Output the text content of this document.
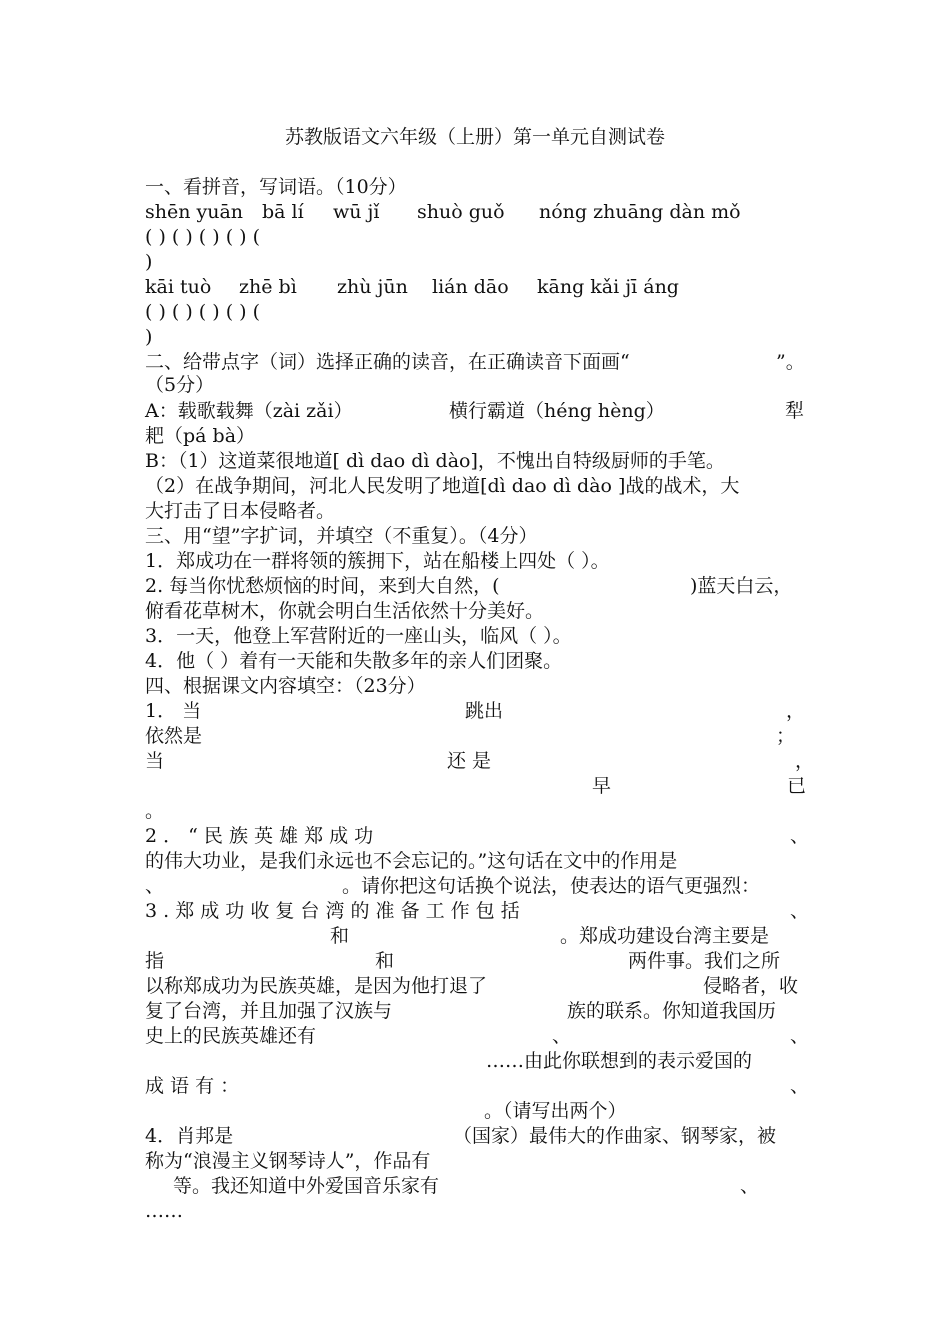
苏教版语文六年级（上册）第一单元自测试卷
一、看拼音，写词语。（10分）
shēn yuān bā lí wū jǐ shuò guǒ nóng zhuāng dàn mǒ
( ) ( ) ( ) ( ) (
)
kāi tuò zhē bì zhù jūn lián dāo kāng kǎi jī áng
( ) ( ) ( ) ( ) (
)
二、给带点字（词）选择正确的读音，在正确读音下面画“	”。
（5分）
A：载歌载舞（zài zǎi）	横行霸道（héng hèng）	犁
耙（pá bà）
B：（1）这道菜很地道[ dì dao dì dào]，不愧出自特级厨师的手笔。
（2）在战争期间，河北人民发明了地道[dì dao dì dào ]战的战术，大
大打击了日本侵略者。
三、用“望”字扩词，并填空（不重复）。（4分）
1．郑成功在一群将领的簇拥下，站在船楼上四处（ ）。
2. 每当你忧愁烦恼的时间，来到大自然，(	)蓝天白云，
俯看花草树木，你就会明白生活依然十分美好。
3．一天，他登上军营附近的一座山头，临风（ ）。
4．他（ ）着有一天能和失散多年的亲人们团聚。
四、根据课文内容填空：（23分）
1． 当	跳出	，
依然是	；
当	还 是	，
早	已
。
2 ． “ 民 族 英 雄 郑 成 功	、
的伟大功业，是我们永远也不会忘记的。”这句话在文中的作用是
、	。请你把这句话换个说法，使表达的语气更强烈：
3 . 郑 成 功 收 复 台 湾 的 准 备 工 作 包 括	、
和	。郑成功建设台湾主要是
指	和	两件事。我们之所
以称郑成功为民族英雄，是因为他打退了	侵略者，收
复了台湾，并且加强了汉族与	族的联系。你知道我国历
史上的民族英雄还有	、	、
……由此你联想到的表示爱国的
成 语 有 ：	、
。（请写出两个）
4．肖邦是	（国家）最伟大的作曲家、钢琴家，被
称为“浪漫主义钢琴诗人”，作品有
等。我还知道中外爱国音乐家有	、
……
